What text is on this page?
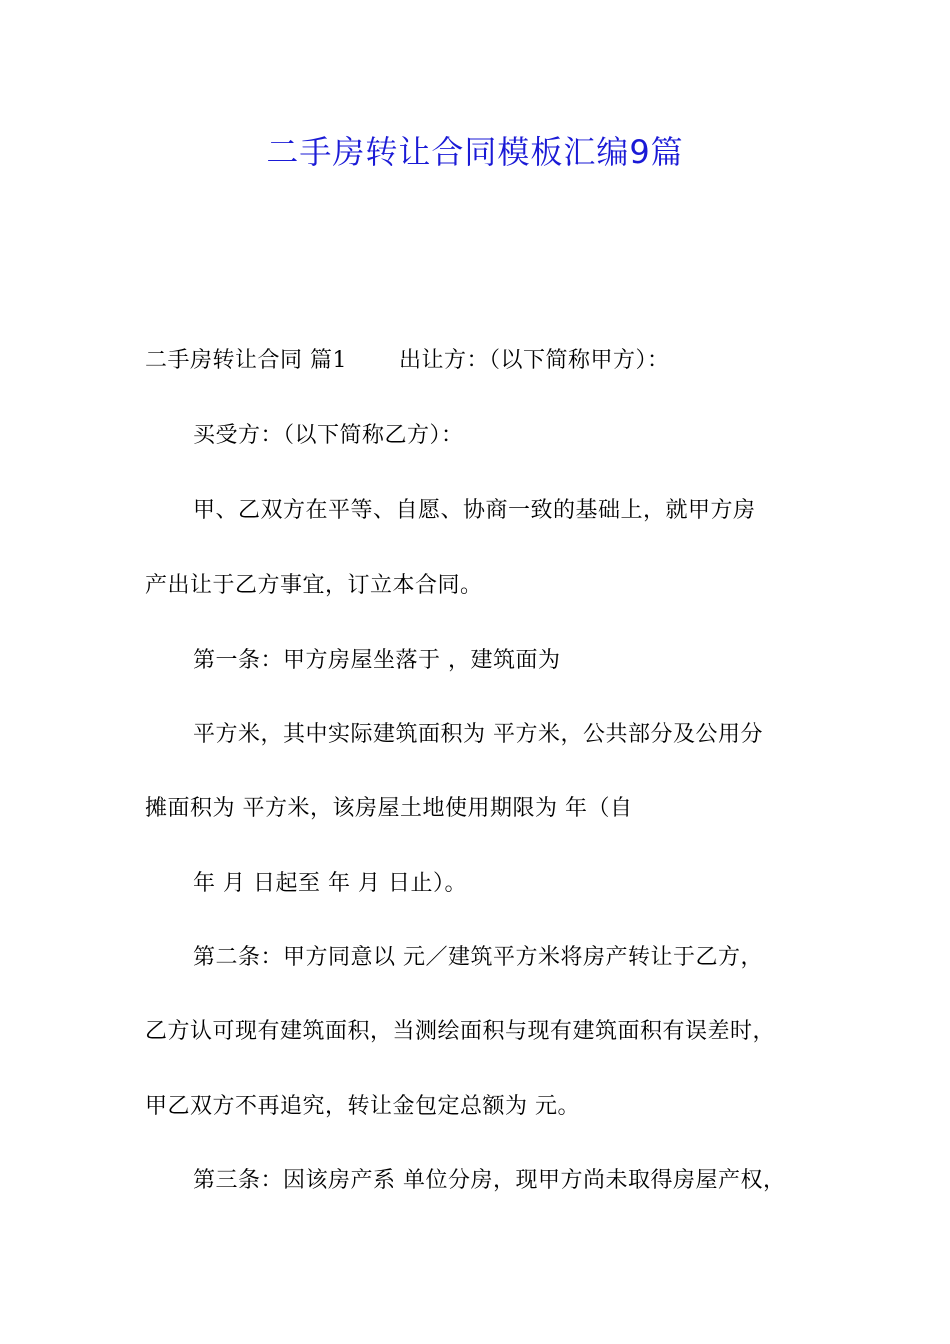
二手房转让合同模板汇编9篇
二手房转让合同 篇1 出让方：（以下简称甲方）：
买受方：（以下简称乙方）：
甲、乙双方在平等、自愿、协商一致的基础上，就甲方房
产出让于乙方事宜，订立本合同。
第一条：甲方房屋坐落于 ，建筑面为
平方米，其中实际建筑面积为 平方米，公共部分及公用分
摊面积为 平方米，该房屋土地使用期限为 年（自
年 月 日起至 年 月 日止）。
第二条：甲方同意以 元／建筑平方米将房产转让于乙方，
乙方认可现有建筑面积，当测绘面积与现有建筑面积有误差时，
甲乙双方不再追究，转让金包定总额为 元。
第三条：因该房产系 单位分房，现甲方尚未取得房屋产权，
